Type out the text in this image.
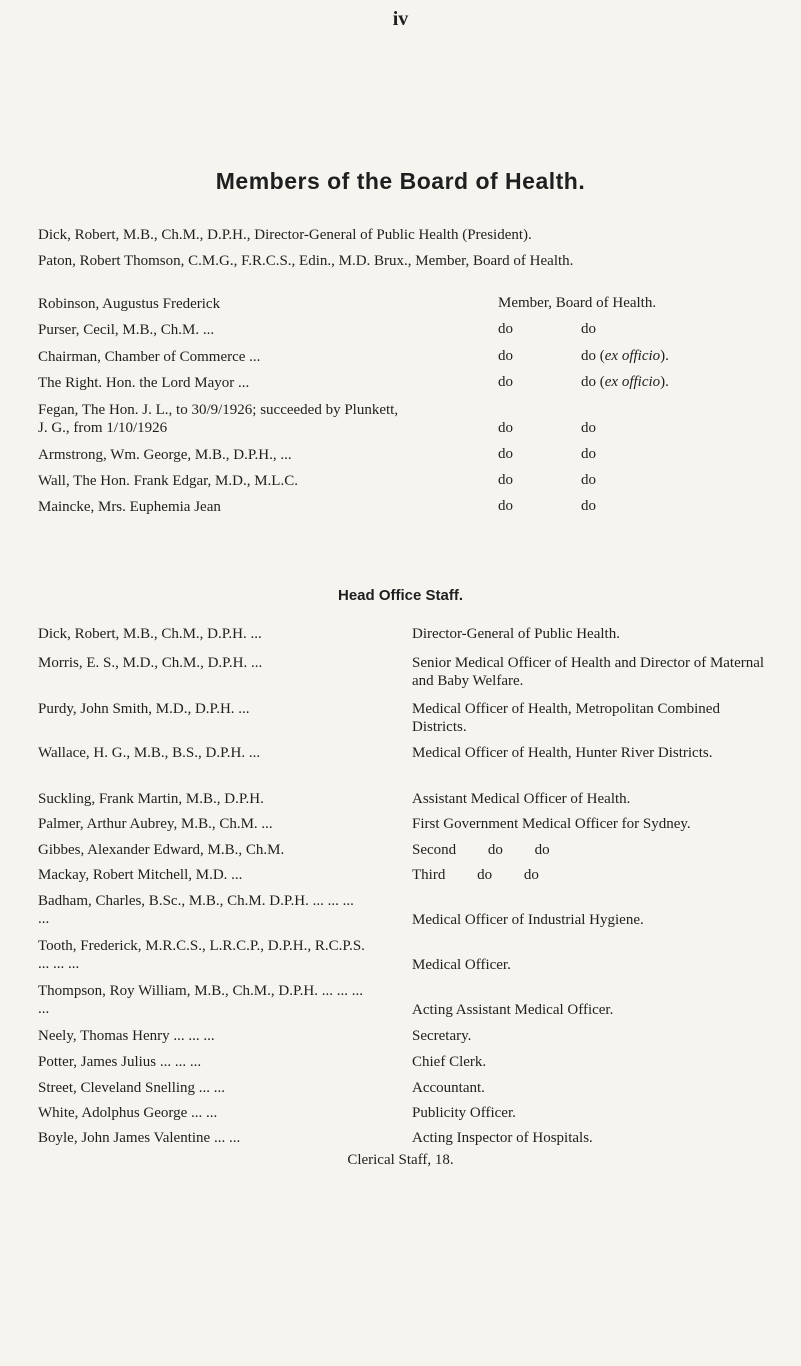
iv
Members of the Board of Health.
Dick, Robert, M.B., Ch.M., D.P.H., Director-General of Public Health (President).
Paton, Robert Thomson, C.M.G., F.R.C.S., Edin., M.D. Brux., Member, Board of Health.
Robinson, Augustus Frederick	Member, Board of Health.
Purser, Cecil, M.B., Ch.M. ...	do	do
Chairman, Chamber of Commerce ...	do	do (ex officio).
The Right. Hon. the Lord Mayor ...	do	do (ex officio).
Fegan, The Hon. J. L., to 30/9/1926; succeeded by Plunkett, J. G., from 1/10/1926	do	do
Armstrong, Wm. George, M.B., D.P.H., ...	do	do
Wall, The Hon. Frank Edgar, M.D., M.L.C.	do	do
Maincke, Mrs. Euphemia Jean	do	do
Head Office Staff.
Dick, Robert, M.B., Ch.M., D.P.H. ...	Director-General of Public Health.
Morris, E. S., M.D., Ch.M., D.P.H. ...	Senior Medical Officer of Health and Director of Maternal and Baby Welfare.
Purdy, John Smith, M.D., D.P.H. ...	Medical Officer of Health, Metropolitan Combined Districts.
Wallace, H. G., M.B., B.S., D.P.H. ...	Medical Officer of Health, Hunter River Districts.
Suckling, Frank Martin, M.B., D.P.H.	Assistant Medical Officer of Health.
Palmer, Arthur Aubrey, M.B., Ch.M. ...	First Government Medical Officer for Sydney.
Gibbes, Alexander Edward, M.B., Ch.M.	Second do do
Mackay, Robert Mitchell, M.D. ...	Third do do
Badham, Charles, B.Sc., M.B., Ch.M. D.P.H. ... ... ... ...	Medical Officer of Industrial Hygiene.
Tooth, Frederick, M.R.C.S., L.R.C.P., D.P.H., R.C.P.S. ... ... ...	Medical Officer.
Thompson, Roy William, M.B., Ch.M., D.P.H. ... ... ... ...	Acting Assistant Medical Officer.
Neely, Thomas Henry ... ... ...	Secretary.
Potter, James Julius ... ... ...	Chief Clerk.
Street, Cleveland Snelling ... ...	Accountant.
White, Adolphus George ... ...	Publicity Officer.
Boyle, John James Valentine ... ...	Acting Inspector of Hospitals.
Clerical Staff, 18.
